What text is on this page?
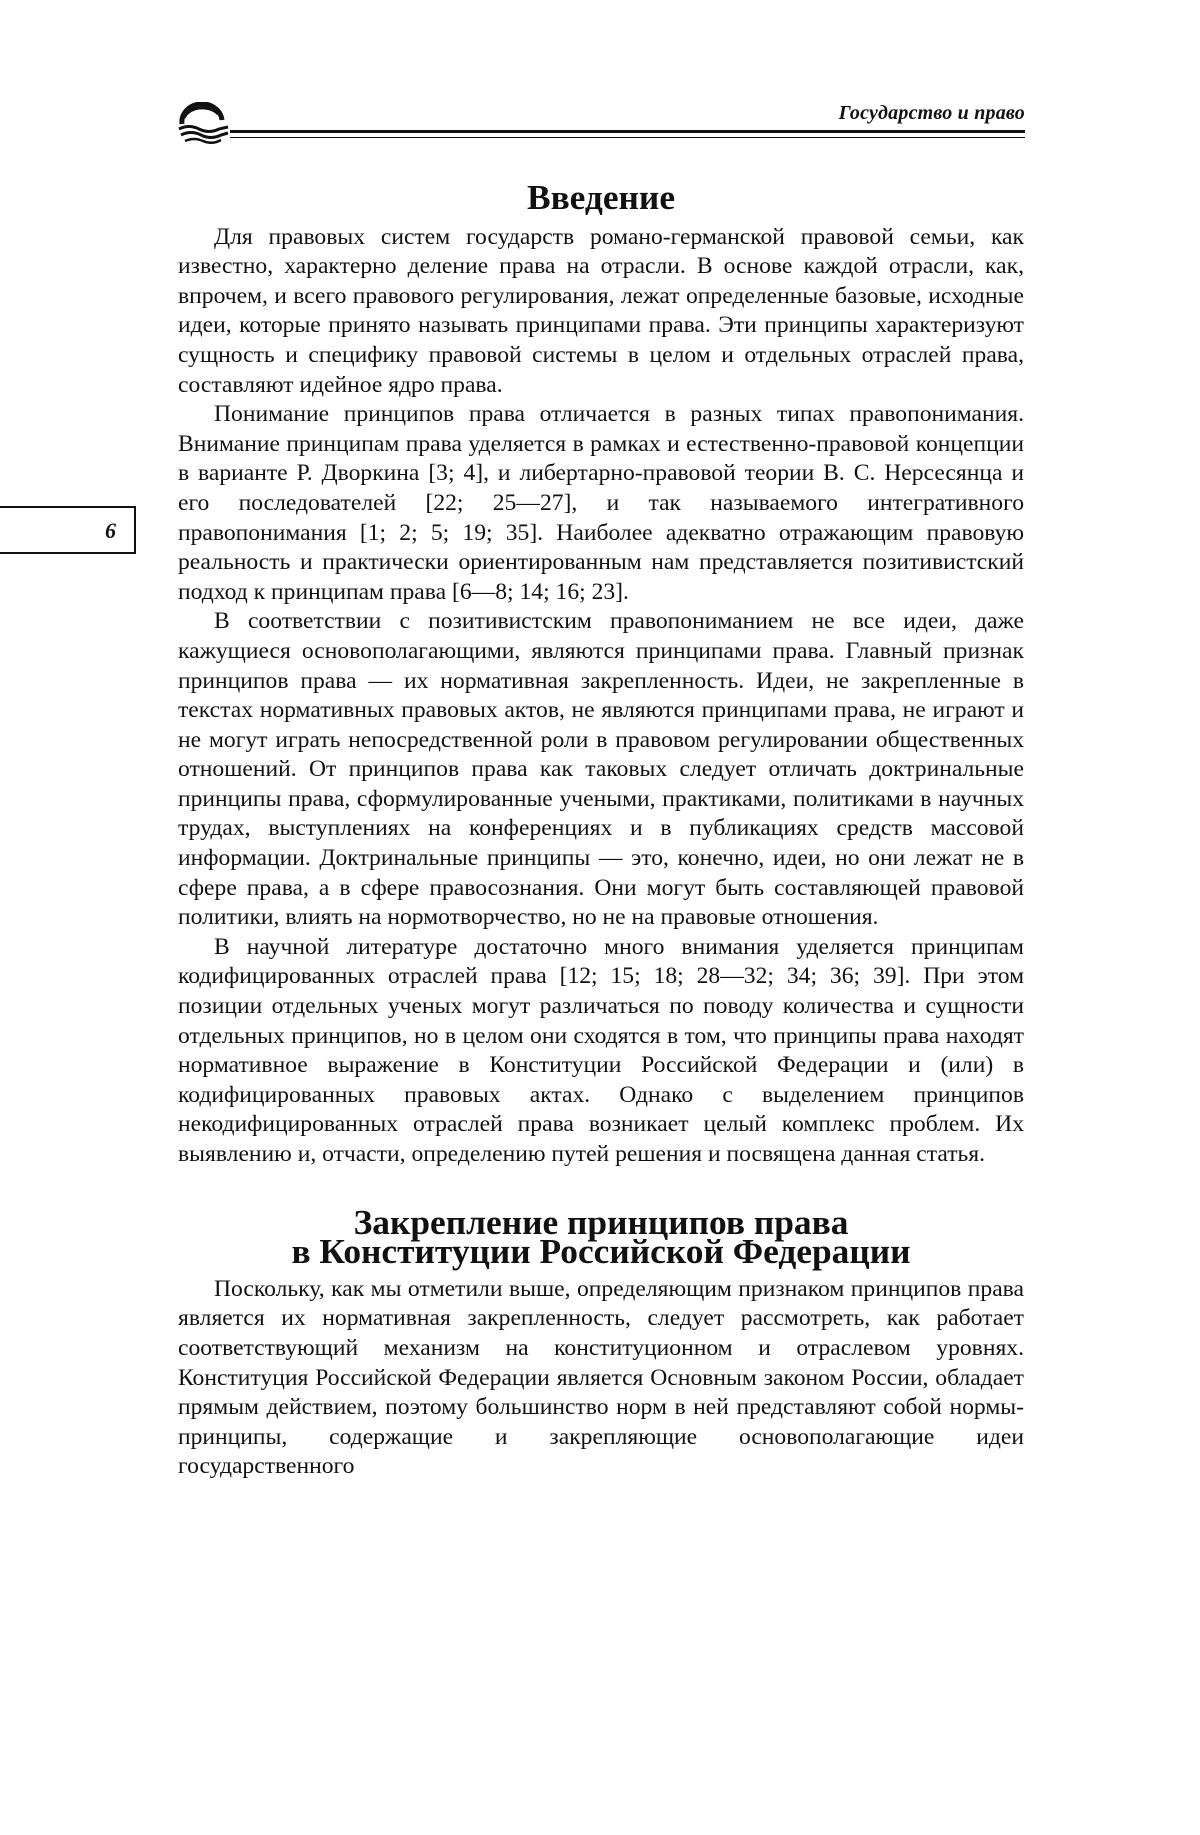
Государство и право
6
Введение

Для правовых систем государств романо-германской правовой семьи, как известно, характерно деление права на отрасли. В основе каждой отрасли, как, впрочем, и всего правового регулирования, лежат определенные базовые, исходные идеи, которые принято называть принципами права. Эти принципы характеризуют сущность и специфику правовой системы в целом и отдельных отраслей права, составляют идейное ядро права.

Понимание принципов права отличается в разных типах правопонимания. Внимание принципам права уделяется в рамках и естественно-правовой концепции в варианте Р. Дворкина [3; 4], и либертарно-правовой теории В. С. Нерсесянца и его последователей [22; 25—27], и так называемого интегративного правопонимания [1; 2; 5; 19; 35]. Наиболее адекватно отражающим правовую реальность и практически ориентированным нам представляется позитивистский подход к принципам права [6—8; 14; 16; 23].

В соответствии с позитивистским правопониманием не все идеи, даже кажущиеся основополагающими, являются принципами права. Главный признак принципов права — их нормативная закрепленность. Идеи, не закрепленные в текстах нормативных правовых актов, не являются принципами права, не играют и не могут играть непосредственной роли в правовом регулировании общественных отношений. От принципов права как таковых следует отличать доктринальные принципы права, сформулированные учеными, практиками, политиками в научных трудах, выступлениях на конференциях и в публикациях средств массовой информации. Доктринальные принципы — это, конечно, идеи, но они лежат не в сфере права, а в сфере правосознания. Они могут быть составляющей правовой политики, влиять на нормотворчество, но не на правовые отношения.

В научной литературе достаточно много внимания уделяется принципам кодифицированных отраслей права [12; 15; 18; 28—32; 34; 36; 39]. При этом позиции отдельных ученых могут различаться по поводу количества и сущности отдельных принципов, но в целом они сходятся в том, что принципы права находят нормативное выражение в Конституции Российской Федерации и (или) в кодифицированных правовых актах. Однако с выделением принципов некодифицированных отраслей права возникает целый комплекс проблем. Их выявлению и, отчасти, определению путей решения и посвящена данная статья.

Закрепление принципов права
в Конституции Российской Федерации

Поскольку, как мы отметили выше, определяющим признаком принципов права является их нормативная закрепленность, следует рассмотреть, как работает соответствующий механизм на конституционном и отраслевом уровнях. Конституция Российской Федерации является Основным законом России, обладает прямым действием, поэтому большинство норм в ней представляют собой нормы-принципы, содержащие и закрепляющие основополагающие идеи государственного
